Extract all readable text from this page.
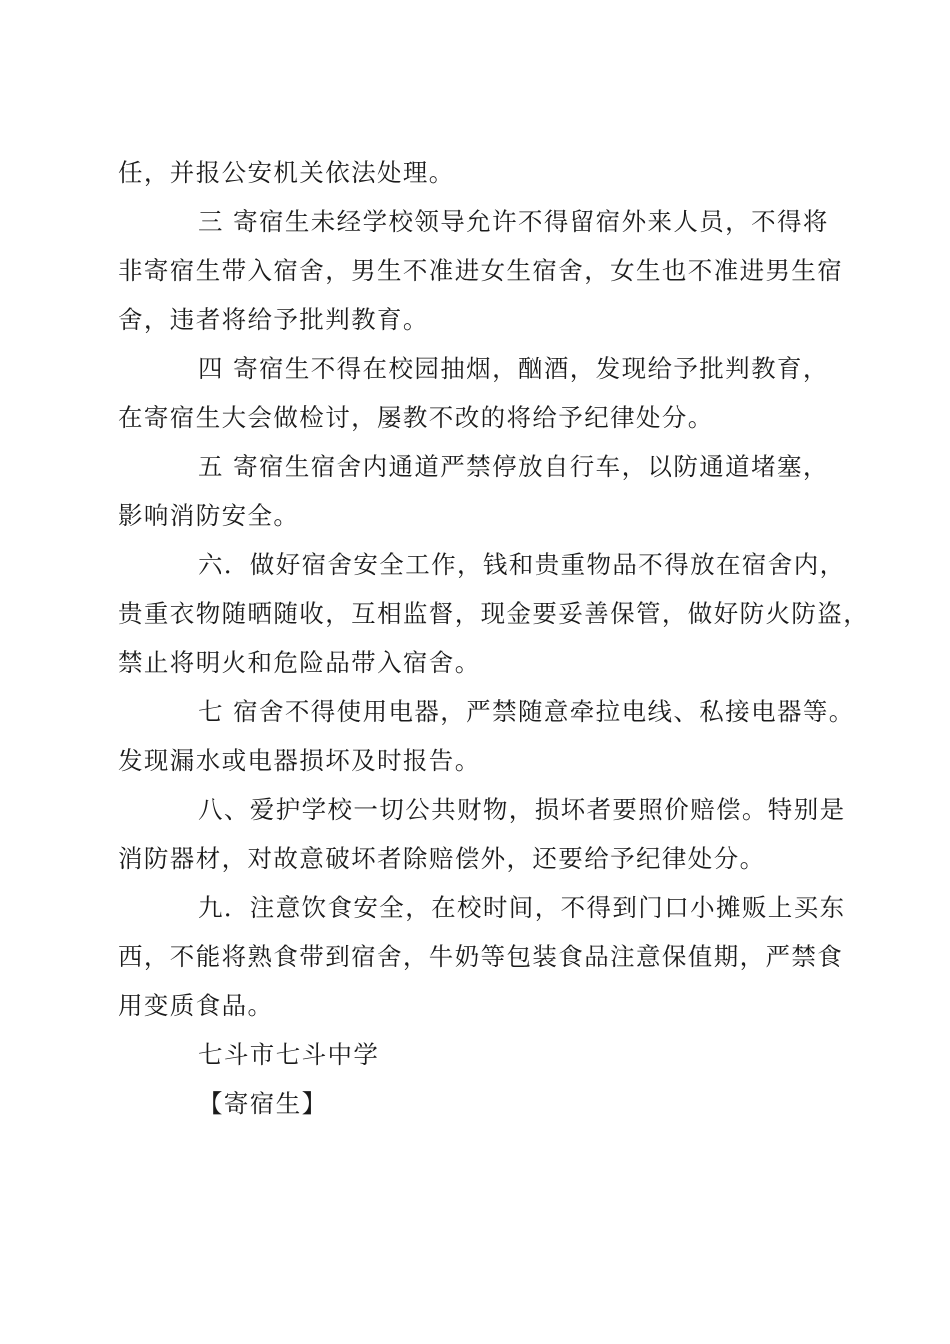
任，并报公安机关依法处理。
三 寄宿生未经学校领导允许不得留宿外来人员，不得将
非寄宿生带入宿舍，男生不准进女生宿舍，女生也不准进男生宿
舍，违者将给予批判教育。
四 寄宿生不得在校园抽烟，酗酒，发现给予批判教育，
在寄宿生大会做检讨，屡教不改的将给予纪律处分。
五 寄宿生宿舍内通道严禁停放自行车，以防通道堵塞，
影响消防安全。
六．做好宿舍安全工作，钱和贵重物品不得放在宿舍内，
贵重衣物随晒随收，互相监督，现金要妥善保管，做好防火防盗，
禁止将明火和危险品带入宿舍。
七 宿舍不得使用电器，严禁随意牵拉电线、私接电器等。
发现漏水或电器损坏及时报告。
八、爱护学校一切公共财物，损坏者要照价赔偿。特别是
消防器材，对故意破坏者除赔偿外，还要给予纪律处分。
九．注意饮食安全，在校时间，不得到门口小摊贩上买东
西，不能将熟食带到宿舍，牛奶等包装食品注意保值期，严禁食
用变质食品。
七斗市七斗中学
【寄宿生】
